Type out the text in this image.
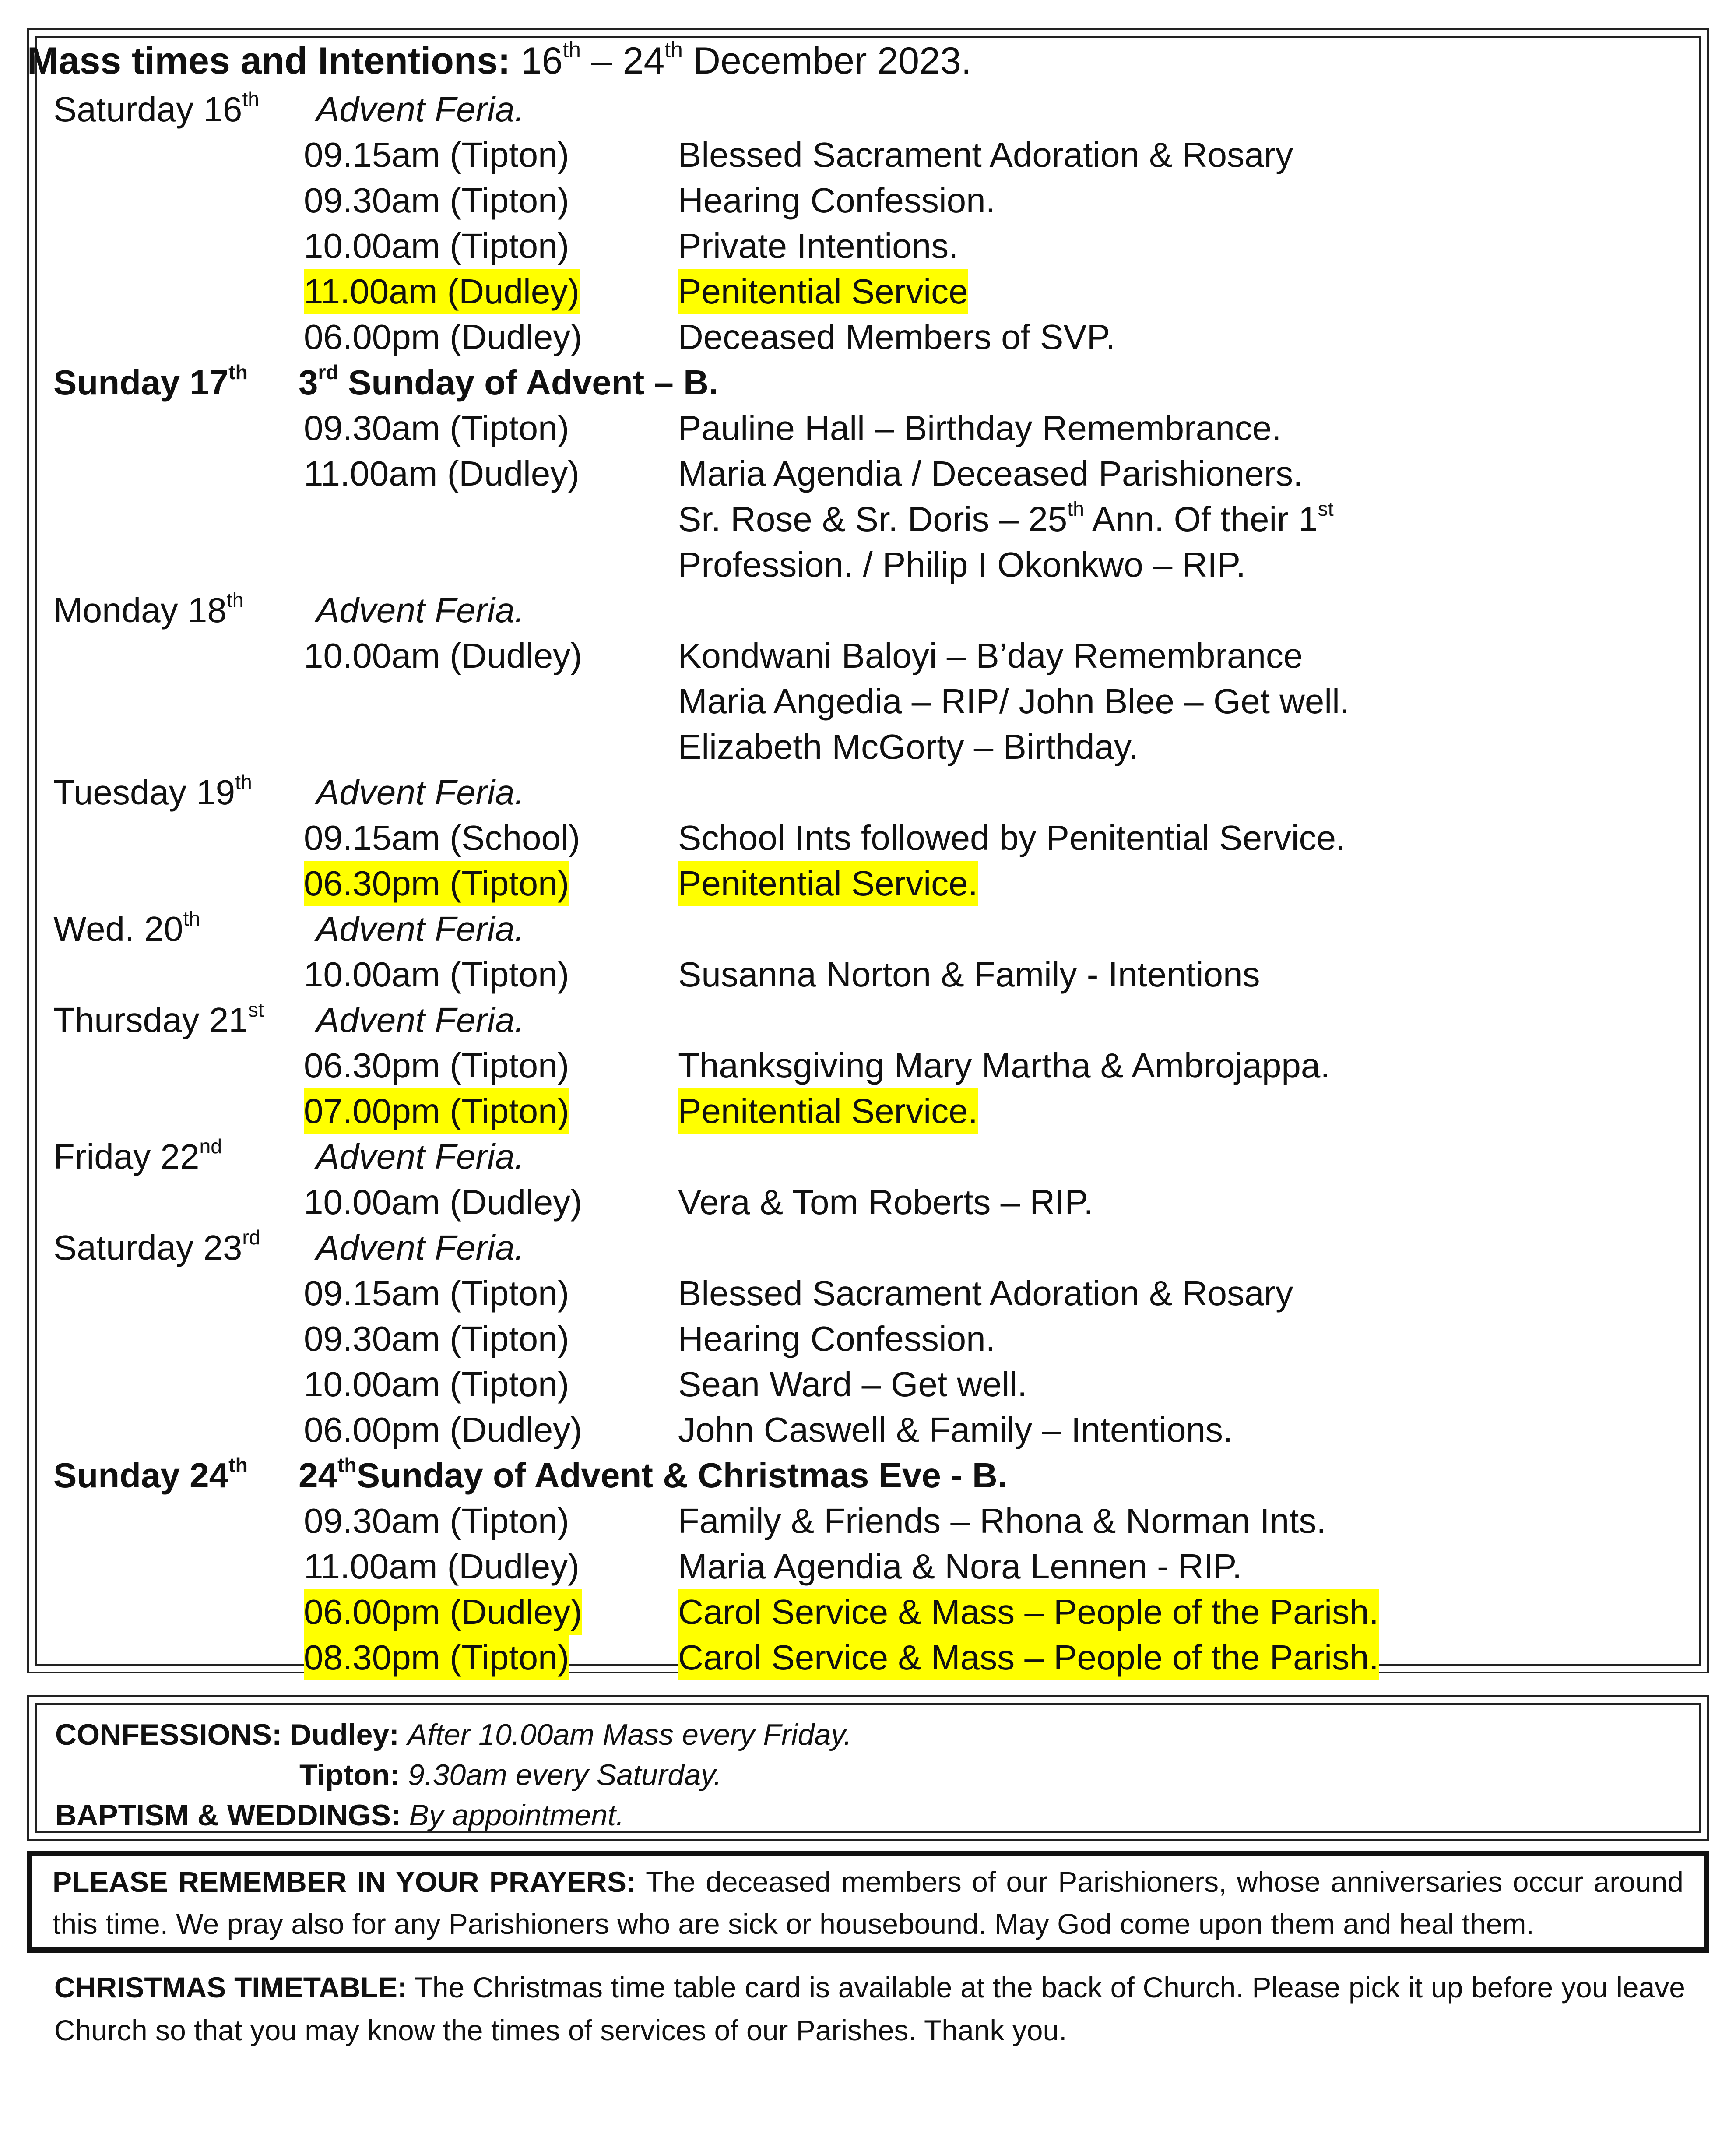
Mass times and Intentions: 16th – 24th December 2023.
Saturday 16th Advent Feria.
09.15am (Tipton)	Blessed Sacrament Adoration & Rosary
09.30am (Tipton)	Hearing Confession.
10.00am (Tipton)	Private Intentions.
11.00am (Dudley)	Penitential Service
06.00pm (Dudley)	Deceased Members of SVP.
Sunday 17th 3rd Sunday of Advent – B.
09.30am (Tipton)	Pauline Hall – Birthday Remembrance.
11.00am (Dudley)	Maria Agendia / Deceased Parishioners.
Sr. Rose & Sr. Doris – 25th Ann. Of their 1st
Profession. / Philip I Okonkwo – RIP.
Monday 18th Advent Feria.
10.00am (Dudley)	Kondwani Baloyi – B’day Remembrance
Maria Angedia – RIP/ John Blee – Get well.
Elizabeth McGorty – Birthday.
Tuesday 19th Advent Feria.
09.15am (School)	School Ints followed by Penitential Service.
06.30pm (Tipton)	Penitential Service.
Wed. 20th	Advent Feria.
10.00am (Tipton)	Susanna Norton & Family - Intentions
Thursday 21st Advent Feria.
06.30pm (Tipton)	Thanksgiving Mary Martha & Ambrojappa.
07.00pm (Tipton)	Penitential Service.
Friday 22nd	Advent Feria.
10.00am (Dudley)	Vera & Tom Roberts – RIP.
Saturday 23rd Advent Feria.
09.15am (Tipton)	Blessed Sacrament Adoration & Rosary
09.30am (Tipton)	Hearing Confession.
10.00am (Tipton)	Sean Ward – Get well.
06.00pm (Dudley)	John Caswell & Family – Intentions.
Sunday 24th 24thSunday of Advent & Christmas Eve - B.
09.30am (Tipton)	Family & Friends – Rhona & Norman Ints.
11.00am (Dudley)	Maria Agendia & Nora Lennen - RIP.
06.00pm (Dudley)	Carol Service & Mass – People of the Parish.
08.30pm (Tipton)	Carol Service & Mass – People of the Parish.
CONFESSIONS: Dudley: After 10.00am Mass every Friday.
Tipton: 9.30am every Saturday.
BAPTISM & WEDDINGS: By appointment.
PLEASE REMEMBER IN YOUR PRAYERS: The deceased members of our Parishioners, whose anniversaries occur around this time. We pray also for any Parishioners who are sick or housebound. May God come upon them and heal them.
CHRISTMAS TIMETABLE: The Christmas time table card is available at the back of Church. Please pick it up before you leave Church so that you may know the times of services of our Parishes. Thank you.
